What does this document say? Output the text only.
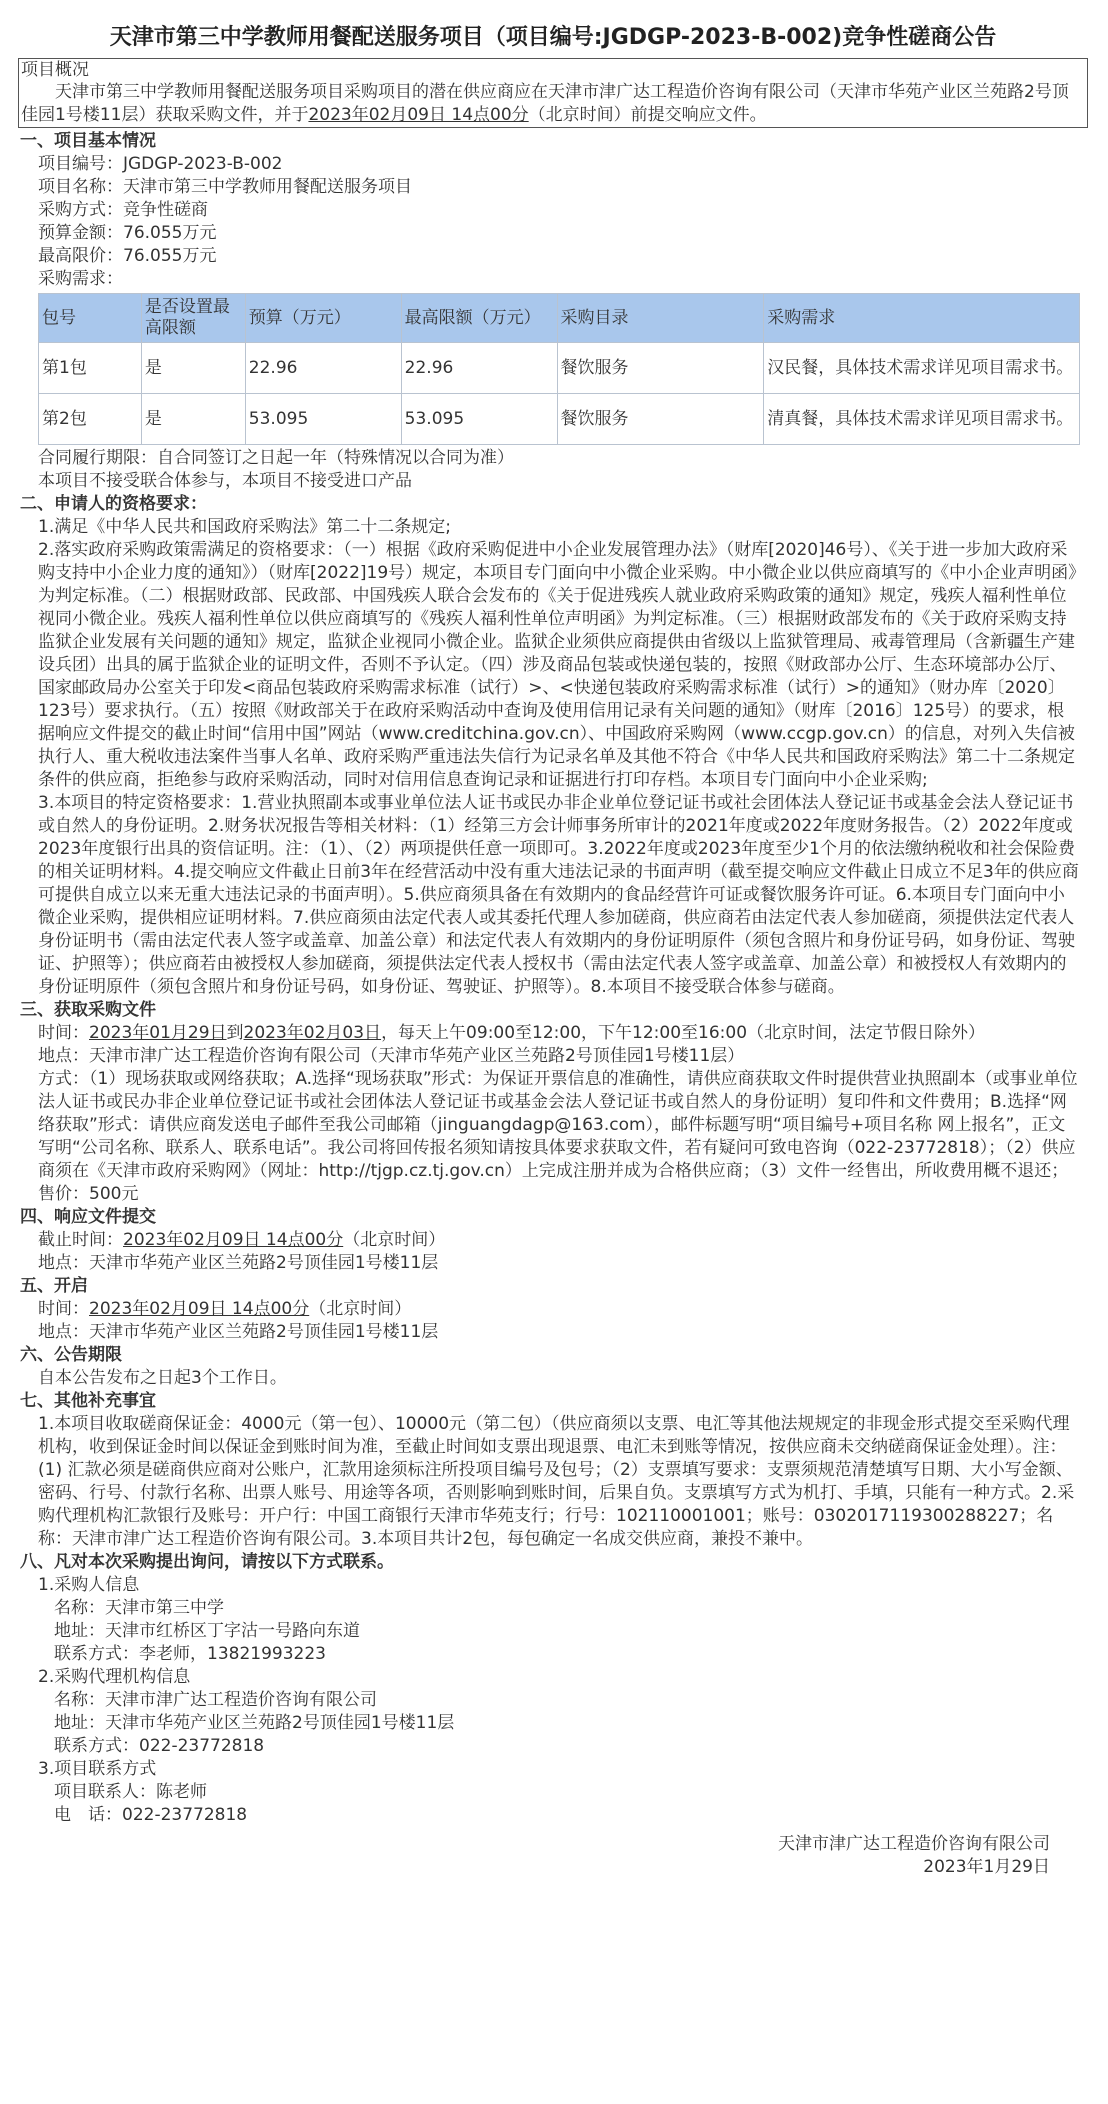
天津市第三中学教师用餐配送服务项目（项目编号:JGDGP-2023-B-002)竞争性磋商公告
项目概况
天津市第三中学教师用餐配送服务项目采购项目的潜在供应商应在天津市津广达工程造价咨询有限公司（天津市华苑产业区兰苑路2号顶佳园1号楼11层）获取采购文件，并于2023年02月09日 14点00分（北京时间）前提交响应文件。
一、项目基本情况
项目编号：JGDGP-2023-B-002
项目名称：天津市第三中学教师用餐配送服务项目
采购方式：竞争性磋商
预算金额：76.055万元
最高限价：76.055万元
采购需求：
包号	是否设置最高限额	预算（万元）	最高限额（万元）	采购目录	采购需求
第1包	是	22.96	22.96	餐饮服务	汉民餐，具体技术需求详见项目需求书。
第2包	是	53.095	53.095	餐饮服务	清真餐，具体技术需求详见项目需求书。
合同履行期限：自合同签订之日起一年（特殊情况以合同为准）
本项目不接受联合体参与，本项目不接受进口产品
二、申请人的资格要求：
1.满足《中华人民共和国政府采购法》第二十二条规定;
2.落实政府采购政策需满足的资格要求：（一）根据《政府采购促进中小企业发展管理办法》（财库[2020]46号）、《关于进一步加大政府采购支持中小企业力度的通知》）（财库[2022]19号）规定，本项目专门面向中小微企业采购。中小微企业以供应商填写的《中小企业声明函》为判定标准。（二）根据财政部、民政部、中国残疾人联合会发布的《关于促进残疾人就业政府采购政策的通知》规定，残疾人福利性单位视同小微企业。残疾人福利性单位以供应商填写的《残疾人福利性单位声明函》为判定标准。（三）根据财政部发布的《关于政府采购支持监狱企业发展有关问题的通知》规定，监狱企业视同小微企业。监狱企业须供应商提供由省级以上监狱管理局、戒毒管理局（含新疆生产建设兵团）出具的属于监狱企业的证明文件，否则不予认定。（四）涉及商品包装或快递包装的，按照《财政部办公厅、生态环境部办公厅、国家邮政局办公室关于印发<商品包装政府采购需求标准（试行）>、<快递包装政府采购需求标准（试行）>的通知》（财办库〔2020〕123号）要求执行。（五）按照《财政部关于在政府采购活动中查询及使用信用记录有关问题的通知》（财库〔2016〕125号）的要求，根据响应文件提交的截止时间“信用中国”网站（www.creditchina.gov.cn）、中国政府采购网（www.ccgp.gov.cn）的信息，对列入失信被执行人、重大税收违法案件当事人名单、政府采购严重违法失信行为记录名单及其他不符合《中华人民共和国政府采购法》第二十二条规定条件的供应商，拒绝参与政府采购活动，同时对信用信息查询记录和证据进行打印存档。本项目专门面向中小企业采购;
3.本项目的特定资格要求：1.营业执照副本或事业单位法人证书或民办非企业单位登记证书或社会团体法人登记证书或基金会法人登记证书或自然人的身份证明。2.财务状况报告等相关材料：（1）经第三方会计师事务所审计的2021年度或2022年度财务报告。（2）2022年度或2023年度银行出具的资信证明。注：（1）、（2）两项提供任意一项即可。3.2022年度或2023年度至少1个月的依法缴纳税收和社会保险费的相关证明材料。4.提交响应文件截止日前3年在经营活动中没有重大违法记录的书面声明（截至提交响应文件截止日成立不足3年的供应商可提供自成立以来无重大违法记录的书面声明）。5.供应商须具备在有效期内的食品经营许可证或餐饮服务许可证。6.本项目专门面向中小微企业采购，提供相应证明材料。7.供应商须由法定代表人或其委托代理人参加磋商，供应商若由法定代表人参加磋商，须提供法定代表人身份证明书（需由法定代表人签字或盖章、加盖公章）和法定代表人有效期内的身份证明原件（须包含照片和身份证号码，如身份证、驾驶证、护照等）；供应商若由被授权人参加磋商，须提供法定代表人授权书（需由法定代表人签字或盖章、加盖公章）和被授权人有效期内的身份证明原件（须包含照片和身份证号码，如身份证、驾驶证、护照等）。8.本项目不接受联合体参与磋商。
三、获取采购文件
时间：2023年01月29日到2023年02月03日，每天上午09:00至12:00，下午12:00至16:00（北京时间，法定节假日除外）
地点：天津市津广达工程造价咨询有限公司（天津市华苑产业区兰苑路2号顶佳园1号楼11层）
方式：（1）现场获取或网络获取；A.选择“现场获取”形式：为保证开票信息的准确性，请供应商获取文件时提供营业执照副本（或事业单位法人证书或民办非企业单位登记证书或社会团体法人登记证书或基金会法人登记证书或自然人的身份证明）复印件和文件费用；B.选择“网络获取”形式：请供应商发送电子邮件至我公司邮箱（jinguangdagp@163.com），邮件标题写明“项目编号+项目名称 网上报名”，正文写明“公司名称、联系人、联系电话”。我公司将回传报名须知请按具体要求获取文件，若有疑问可致电咨询（022-23772818）；（2）供应商须在《天津市政府采购网》（网址：http://tjgp.cz.tj.gov.cn）上完成注册并成为合格供应商；（3）文件一经售出，所收费用概不退还；
售价：500元
四、响应文件提交
截止时间：2023年02月09日 14点00分（北京时间）
地点：天津市华苑产业区兰苑路2号顶佳园1号楼11层
五、开启
时间：2023年02月09日 14点00分（北京时间）
地点：天津市华苑产业区兰苑路2号顶佳园1号楼11层
六、公告期限
自本公告发布之日起3个工作日。
七、其他补充事宜
1.本项目收取磋商保证金：4000元（第一包）、10000元（第二包）（供应商须以支票、电汇等其他法规规定的非现金形式提交至采购代理机构，收到保证金时间以保证金到账时间为准，至截止时间如支票出现退票、电汇未到账等情况，按供应商未交纳磋商保证金处理）。注：(1) 汇款必须是磋商供应商对公账户，汇款用途须标注所投项目编号及包号；（2）支票填写要求：支票须规范清楚填写日期、大小写金额、密码、行号、付款行名称、出票人账号、用途等各项，否则影响到账时间，后果自负。支票填写方式为机打、手填，只能有一种方式。2.采购代理机构汇款银行及账号：开户行：中国工商银行天津市华苑支行；行号：102110001001；账号：0302017119300288227；名称：天津市津广达工程造价咨询有限公司。3.本项目共计2包，每包确定一名成交供应商，兼投不兼中。
八、凡对本次采购提出询问，请按以下方式联系。
1.采购人信息
名称：天津市第三中学
地址：天津市红桥区丁字沽一号路向东道
联系方式：李老师，13821993223
2.采购代理机构信息
名称：天津市津广达工程造价咨询有限公司
地址：天津市华苑产业区兰苑路2号顶佳园1号楼11层
联系方式：022-23772818
3.项目联系方式
项目联系人：陈老师
电　话：022-23772818
天津市津广达工程造价咨询有限公司
2023年1月29日
